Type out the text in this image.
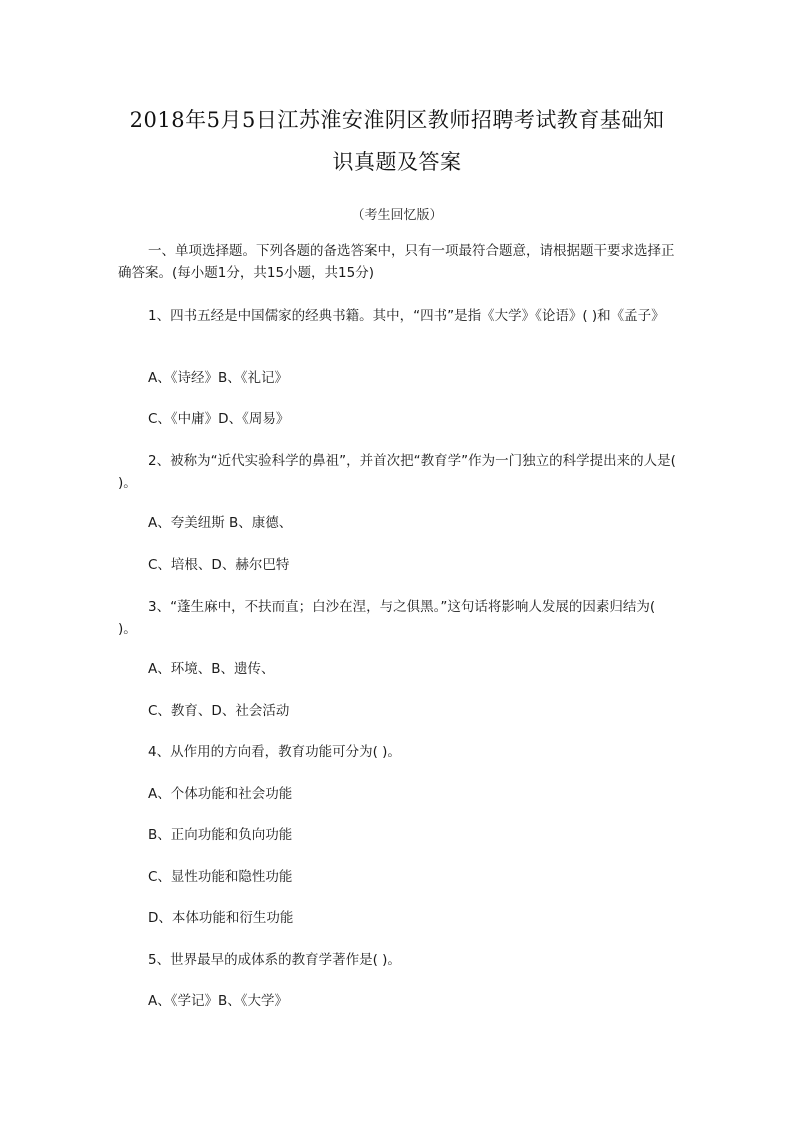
2018年5月5日江苏淮安淮阴区教师招聘考试教育基础知
识真题及答案
（考生回忆版）
一、单项选择题。下列各题的备选答案中，只有一项最符合题意，请根据题干要求选择正确答案。(每小题1分，共15小题，共15分)
1、四书五经是中国儒家的经典书籍。其中，“四书”是指《大学》《论语》( )和《孟子》
A、《诗经》B、《礼记》
C、《中庸》D、《周易》
2、被称为“近代实验科学的鼻祖”，并首次把“教育学”作为一门独立的科学提出来的人是( )。
A、夸美纽斯 B、康德、
C、培根、D、赫尔巴特
3、“蓬生麻中，不扶而直；白沙在涅，与之俱黑。”这句话将影响人发展的因素归结为( )。
A、环境、B、遗传、
C、教育、D、社会活动
4、从作用的方向看，教育功能可分为( )。
A、个体功能和社会功能
B、正向功能和负向功能
C、显性功能和隐性功能
D、本体功能和衍生功能
5、世界最早的成体系的教育学著作是( )。
A、《学记》B、《大学》
